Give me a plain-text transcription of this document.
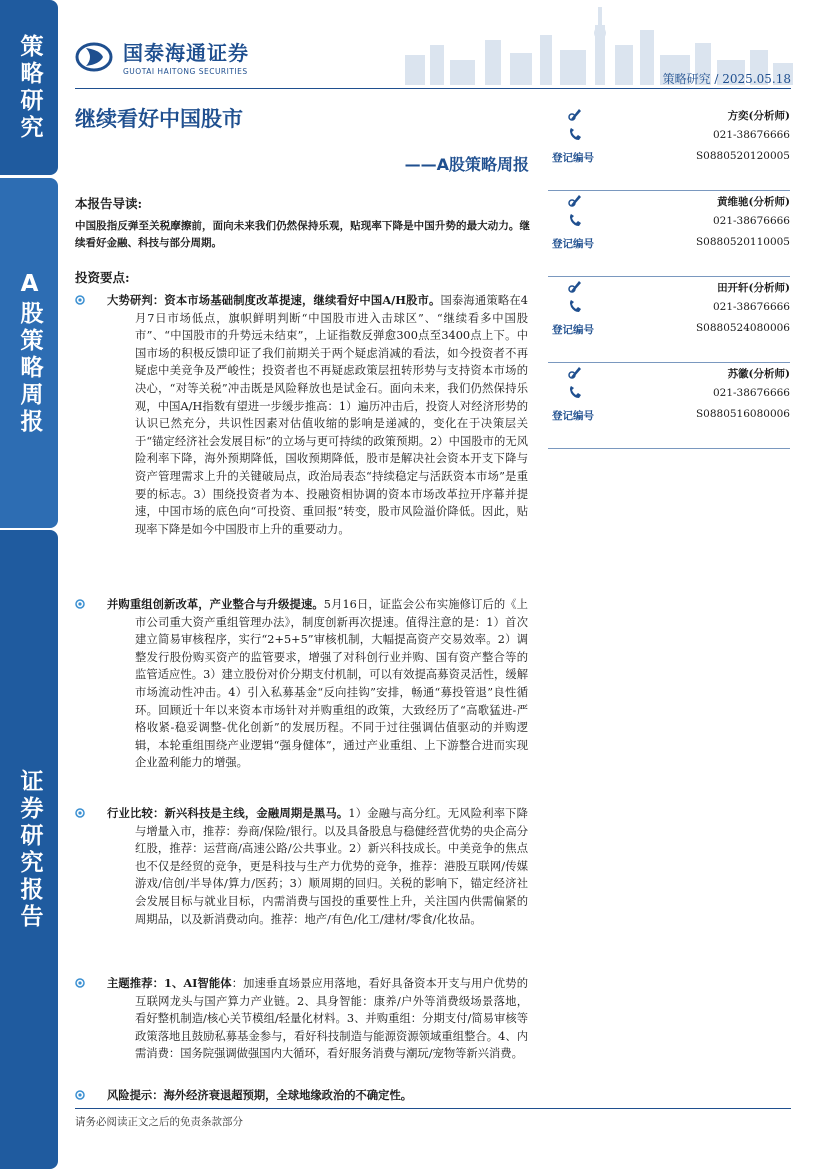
策略研究
A股策略周报
证券研究报告
国泰海通证券
GUOTAI HAITONG SECURITIES
策略研究 / 2025.05.18
继续看好中国股市
——A股策略周报
方奕(分析师)
021-38676666
登记编号	S0880520120005
黄维驰(分析师)
021-38676666
登记编号	S0880520110005
田开轩(分析师)
021-38676666
登记编号	S0880524080006
苏徽(分析师)
021-38676666
登记编号	S0880516080006
本报告导读:
中国股指反弹至关税摩擦前，面向未来我们仍然保持乐观，贴现率下降是中国升势的最大动力。继续看好金融、科技与部分周期。
投资要点:
大势研判：资本市场基础制度改革提速，继续看好中国A/H股市。国泰海通策略在4月7日市场低点，旗帜鲜明判断“中国股市进入击球区”、“继续看多中国股市”、“中国股市的升势远未结束”，上证指数反弹愈300点至3400点上下。中国市场的积极反馈印证了我们前期关于两个疑虑消减的看法，如今投资者不再疑虑中美竞争及严峻性；投资者也不再疑虑政策层扭转形势与支持资本市场的决心，“对等关税”冲击既是风险释放也是试金石。面向未来，我们仍然保持乐观，中国A/H指数有望进一步缓步推高：1）遍历冲击后，投资人对经济形势的认识已然充分，共识性因素对估值收缩的影响是递减的，变化在于决策层关于“锚定经济社会发展目标”的立场与更可持续的政策预期。2）中国股市的无风险利率下降，海外预期降低，国收预期降低，股市是解决社会资本开支下降与资产管理需求上升的关键破局点，政治局表态“持续稳定与活跃资本市场”是重要的标志。3）围绕投资者为本、投融资相协调的资本市场改革拉开序幕并提速，中国市场的底色向“可投资、重回报”转变，股市风险溢价降低。因此，贴现率下降是如今中国股市上升的重要动力。
并购重组创新改革，产业整合与升级提速。5月16日，证监会公布实施修订后的《上市公司重大资产重组管理办法》，制度创新再次提速。值得注意的是：1）首次建立简易审核程序，实行“2+5+5”审核机制，大幅提高资产交易效率。2）调整发行股份购买资产的监管要求，增强了对科创行业并购、国有资产整合等的监管适应性。3）建立股份对价分期支付机制，可以有效提高募资灵活性，缓解市场流动性冲击。4）引入私募基金“反向挂钩”安排，畅通“募投管退”良性循环。回顾近十年以来资本市场针对并购重组的政策，大致经历了“高歌猛进-严格收紧-稳妥调整-优化创新”的发展历程。不同于过往强调估值驱动的并购逻辑，本轮重组围绕产业逻辑“强身健体”，通过产业重组、上下游整合进而实现企业盈利能力的增强。
行业比较：新兴科技是主线，金融周期是黑马。1）金融与高分红。无风险利率下降与增量入市，推荐：券商/保险/银行。以及具备股息与稳健经营优势的央企高分红股，推荐：运营商/高速公路/公共事业。2）新兴科技成长。中美竞争的焦点也不仅是经贸的竞争，更是科技与生产力优势的竞争，推荐：港股互联网/传媒游戏/信创/半导体/算力/医药；3）顺周期的回归。关税的影响下，锚定经济社会发展目标与就业目标，内需消费与国投的重要性上升，关注国内供需偏紧的周期品，以及新消费动向。推荐：地产/有色/化工/建材/零食/化妆品。
主题推荐：1、AI智能体：加速垂直场景应用落地，看好具备资本开支与用户优势的互联网龙头与国产算力产业链。2、具身智能：康养/户外等消费级场景落地，看好整机制造/核心关节模组/轻量化材料。3、并购重组：分期支付/简易审核等政策落地且鼓励私募基金参与，看好科技制造与能源资源领域重组整合。4、内需消费：国务院强调做强国内大循环，看好服务消费与潮玩/宠物等新兴消费。
风险提示：海外经济衰退超预期，全球地缘政治的不确定性。
请务必阅读正文之后的免责条款部分
